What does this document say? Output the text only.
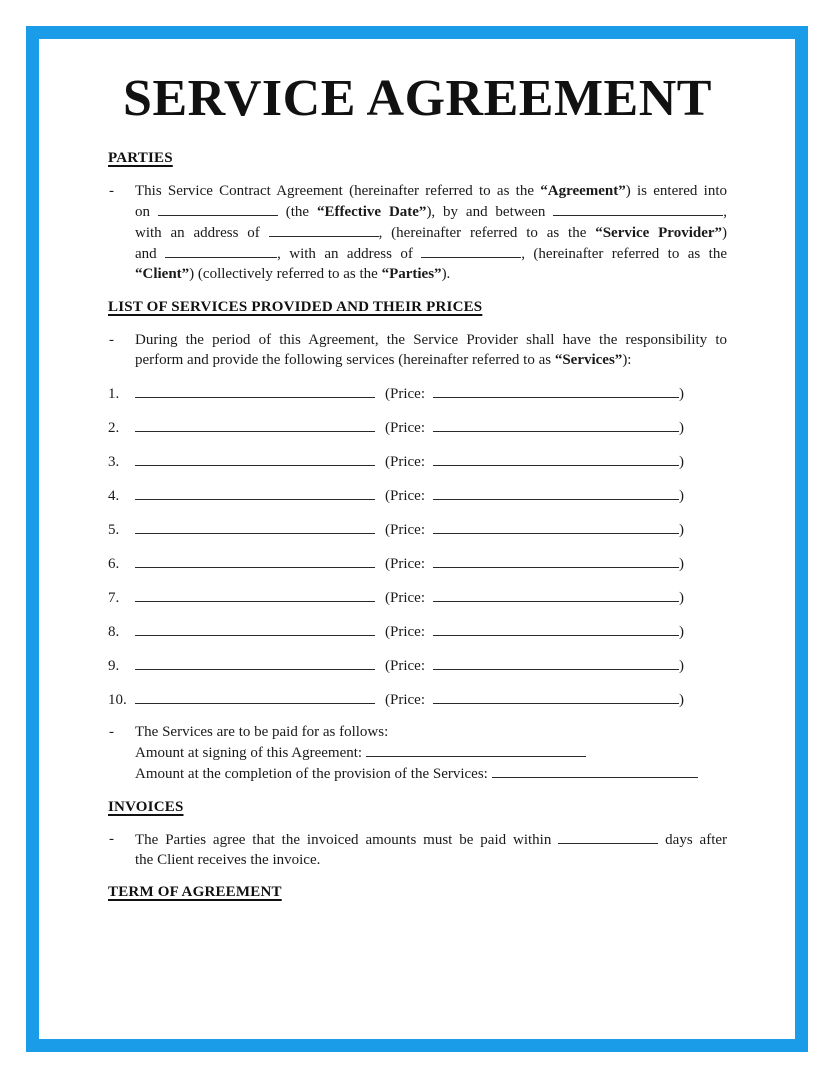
SERVICE AGREEMENT
PARTIES
- This Service Contract Agreement (hereinafter referred to as the “Agreement”) is entered into
on	(the “Effective Date”), by and between	,
with an address of	, (hereinafter referred to as the “Service Provider”)
and	, with an address of	, (hereinafter referred to as the
“Client”) (collectively referred to as the “Parties”).
LIST OF SERVICES PROVIDED AND THEIR PRICES
- During the period of this Agreement, the Service Provider shall have the responsibility to
perform and provide the following services (hereinafter referred to as “Services”):
1.	(Price:	)
2.	(Price:	)
3.	(Price:	)
4.	(Price:	)
5.	(Price:	)
6.	(Price:	)
7.	(Price:	)
8.	(Price:	)
9.	(Price:	)
10.	(Price:	)
- The Services are to be paid for as follows:
Amount at signing of this Agreement:
Amount at the completion of the provision of the Services:
INVOICES
- The Parties agree that the invoiced amounts must be paid within	days after
the Client receives the invoice.
TERM OF AGREEMENT
